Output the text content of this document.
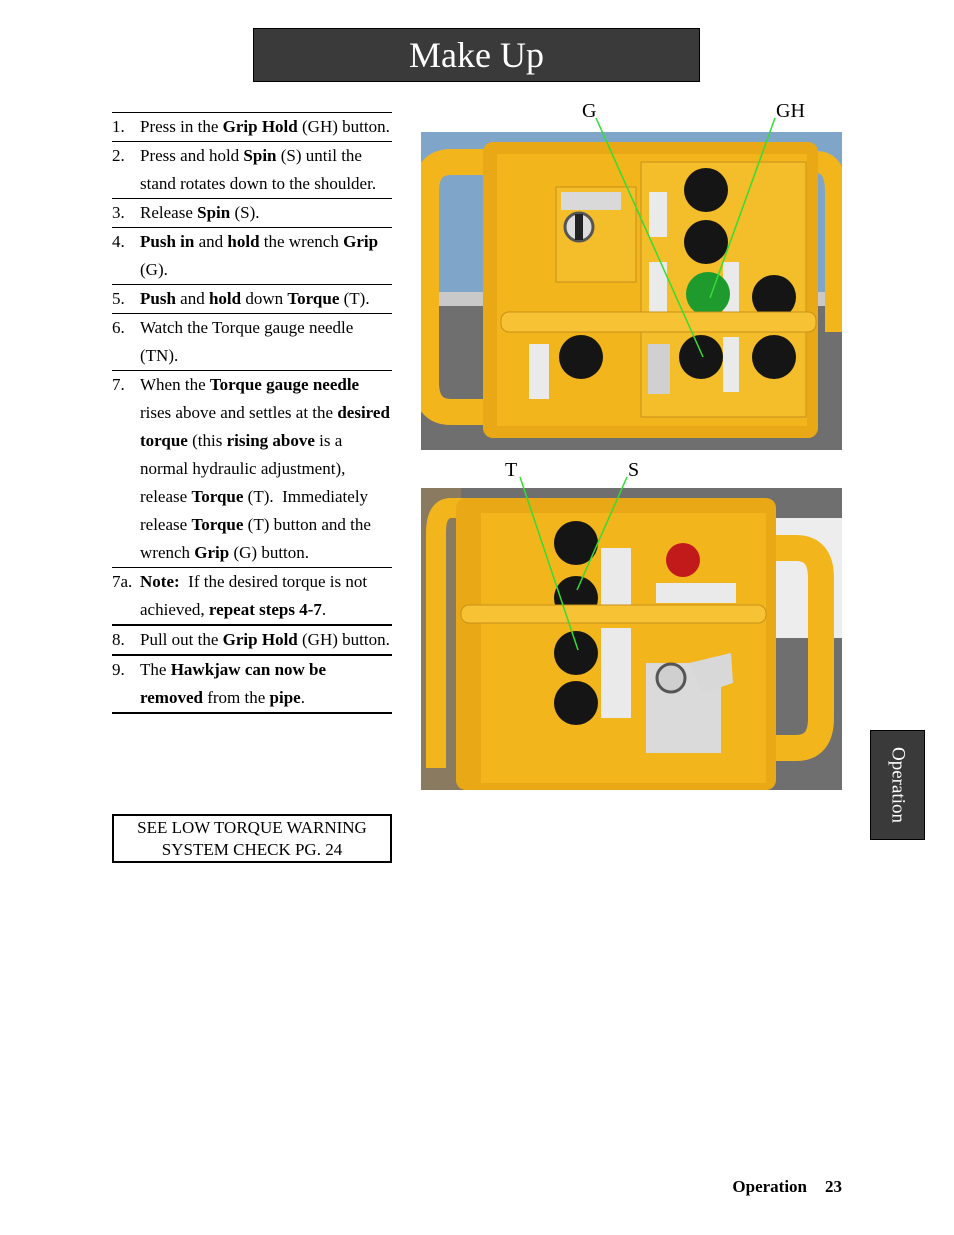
Make Up
1. Press in the Grip Hold (GH) button.
2. Press and hold Spin (S) until the stand rotates down to the shoulder.
3. Release Spin (S).
4. Push in and hold the wrench Grip (G).
5. Push and hold down Torque (T).
6. Watch the Torque gauge needle (TN).
7. When the Torque gauge needle rises above and settles at the desired torque (this rising above is a normal hydraulic adjustment), release Torque (T).  Immediately release Torque (T) button and the wrench Grip (G) button.
7a. Note:  If the desired torque is not achieved, repeat steps 4-7.
8. Pull out the Grip Hold (GH) button.
9. The Hawkjaw can now be removed from the pipe.
SEE LOW TORQUE WARNING
SYSTEM CHECK PG. 24
G	GH
T	S
Operation
Operation 23
